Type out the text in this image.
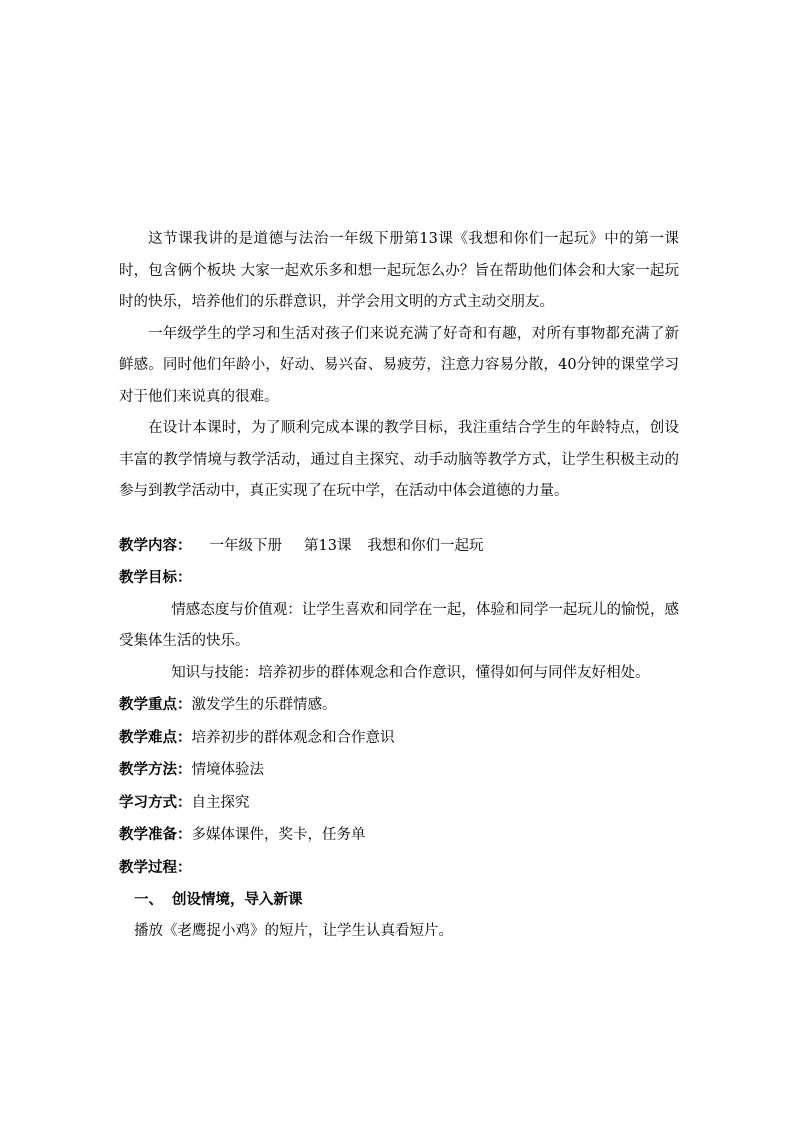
这节课我讲的是道德与法治一年级下册第13课《我想和你们一起玩》中的第一课时，包含俩个板块 大家一起欢乐多和想一起玩怎么办？旨在帮助他们体会和大家一起玩时的快乐，培养他们的乐群意识，并学会用文明的方式主动交朋友。

一年级学生的学习和生活对孩子们来说充满了好奇和有趣，对所有事物都充满了新鲜感。同时他们年龄小，好动、易兴奋、易疲劳，注意力容易分散，40分钟的课堂学习对于他们来说真的很难。

在设计本课时，为了顺利完成本课的教学目标，我注重结合学生的年龄特点，创设丰富的教学情境与教学活动，通过自主探究、动手动脑等教学方式，让学生积极主动的参与到教学活动中，真正实现了在玩中学，在活动中体会道德的力量。

教学内容： 一年级下册 第13课 我想和你们一起玩

教学目标：

情感态度与价值观：让学生喜欢和同学在一起，体验和同学一起玩儿的愉悦，感受集体生活的快乐。

知识与技能：培养初步的群体观念和合作意识，懂得如何与同伴友好相处。

教学重点：激发学生的乐群情感。

教学难点：培养初步的群体观念和合作意识

教学方法：情境体验法

学习方式：自主探究

教学准备：多媒体课件，奖卡，任务单

教学过程：

一、 创设情境，导入新课

播放《老鹰捉小鸡》的短片，让学生认真看短片。
